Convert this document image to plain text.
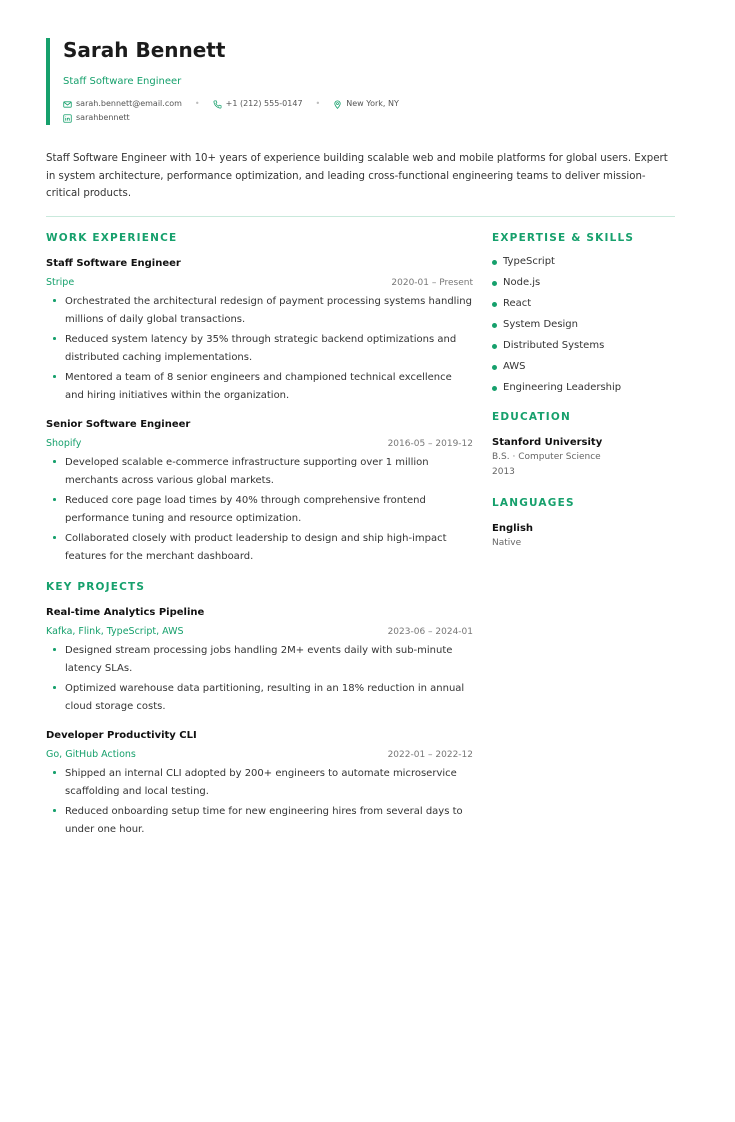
Sarah Bennett
Staff Software Engineer
sarah.bennett@email.com •	+1 (212) 555-0147 •	New York, NY
sarahbennett
Staff Software Engineer with 10+ years of experience building scalable web and mobile platforms for global users. Expert in system architecture, performance optimization, and leading cross-functional engineering teams to deliver mission-critical products.
WORK EXPERIENCE
Staff Software Engineer
Stripe	2020-01 – Present
Orchestrated the architectural redesign of payment processing systems handling millions of daily global transactions.
Reduced system latency by 35% through strategic backend optimizations and distributed caching implementations.
Mentored a team of 8 senior engineers and championed technical excellence and hiring initiatives within the organization.
Senior Software Engineer
Shopify	2016-05 – 2019-12
Developed scalable e-commerce infrastructure supporting over 1 million merchants across various global markets.
Reduced core page load times by 40% through comprehensive frontend performance tuning and resource optimization.
Collaborated closely with product leadership to design and ship high-impact features for the merchant dashboard.
KEY PROJECTS
Real-time Analytics Pipeline
Kafka, Flink, TypeScript, AWS	2023-06 – 2024-01
Designed stream processing jobs handling 2M+ events daily with sub-minute latency SLAs.
Optimized warehouse data partitioning, resulting in an 18% reduction in annual cloud storage costs.
Developer Productivity CLI
Go, GitHub Actions	2022-01 – 2022-12
Shipped an internal CLI adopted by 200+ engineers to automate microservice scaffolding and local testing.
Reduced onboarding setup time for new engineering hires from several days to under one hour.
EXPERTISE & SKILLS
TypeScript
Node.js
React
System Design
Distributed Systems
AWS
Engineering Leadership
EDUCATION
Stanford University
B.S. · Computer Science
2013
LANGUAGES
English
Native
